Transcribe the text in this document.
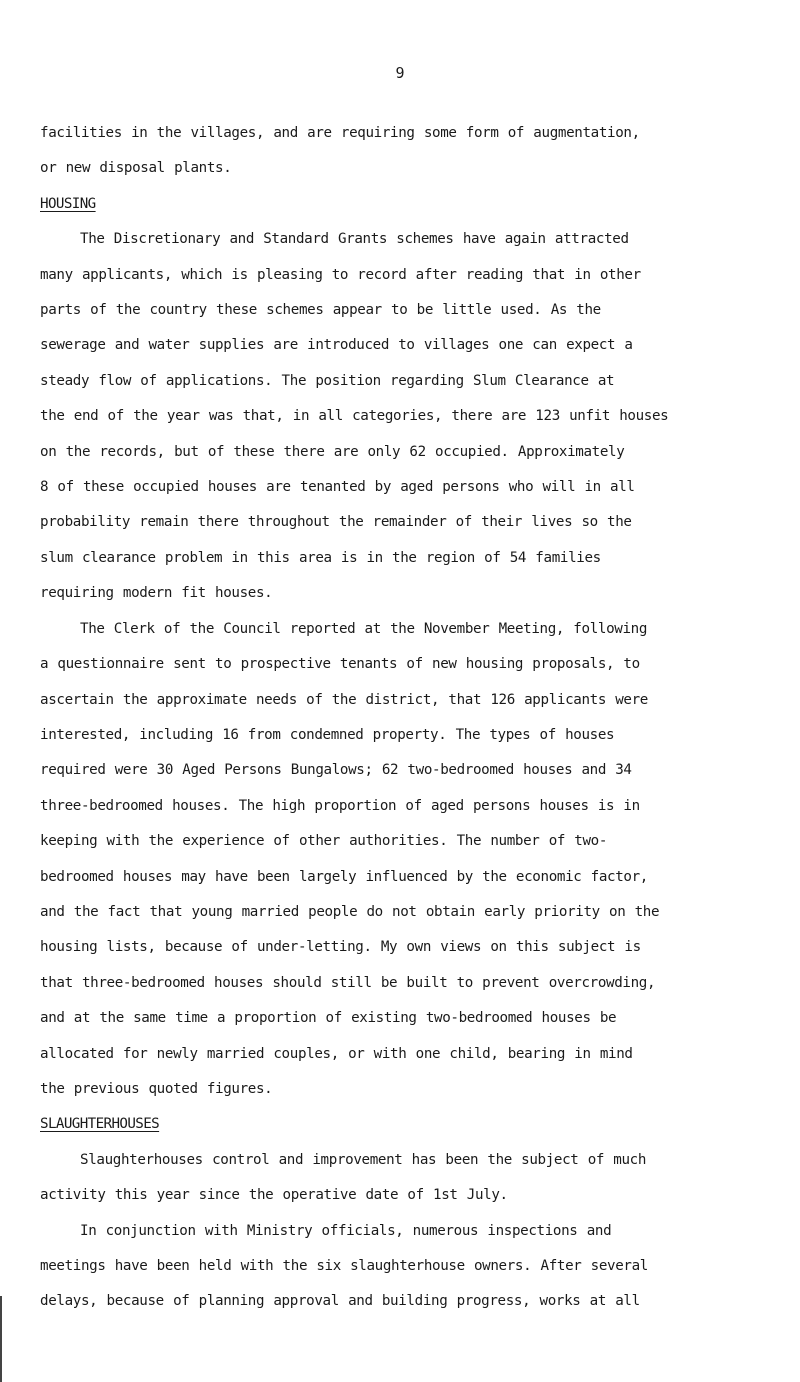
9

facilities in the villages, and are requiring some form of augmentation,
or new disposal plants.

HOUSING

The Discretionary and Standard Grants schemes have again attracted
many applicants, which is pleasing to record after reading that in other
parts of the country these schemes appear to be little used. As the
sewerage and water supplies are introduced to villages one can expect a
steady flow of applications. The position regarding Slum Clearance at
the end of the year was that, in all categories, there are 123 unfit houses
on the records, but of these there are only 62 occupied. Approximately
8 of these occupied houses are tenanted by aged persons who will in all
probability remain there throughout the remainder of their lives so the
slum clearance problem in this area is in the region of 54 families
requiring modern fit houses.

The Clerk of the Council reported at the November Meeting, following
a questionnaire sent to prospective tenants of new housing proposals, to
ascertain the approximate needs of the district, that 126 applicants were
interested, including 16 from condemned property. The types of houses
required were 30 Aged Persons Bungalows; 62 two-bedroomed houses and 34
three-bedroomed houses. The high proportion of aged persons houses is in
keeping with the experience of other authorities. The number of two-
bedroomed houses may have been largely influenced by the economic factor,
and the fact that young married people do not obtain early priority on the
housing lists, because of under-letting. My own views on this subject is
that three-bedroomed houses should still be built to prevent overcrowding,
and at the same time a proportion of existing two-bedroomed houses be
allocated for newly married couples, or with one child, bearing in mind
the previous quoted figures.

SLAUGHTERHOUSES

Slaughterhouses control and improvement has been the subject of much
activity this year since the operative date of 1st July.

In conjunction with Ministry officials, numerous inspections and
meetings have been held with the six slaughterhouse owners. After several
delays, because of planning approval and building progress, works at all
